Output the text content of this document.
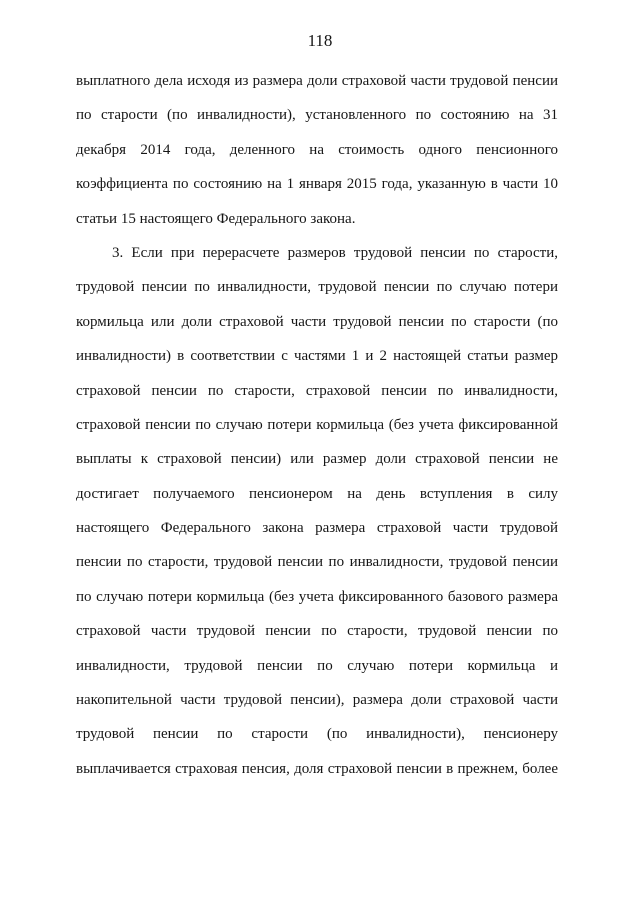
118
выплатного дела исходя из размера доли страховой части трудовой пенсии
по старости (по инвалидности), установленного по состоянию на 31
декабря 2014 года, деленного на стоимость одного пенсионного
коэффициента по состоянию на 1 января 2015 года, указанную в части 10
статьи 15 настоящего Федерального закона.
3. Если при перерасчете размеров трудовой пенсии по старости,
трудовой пенсии по инвалидности, трудовой пенсии по случаю потери
кормильца или доли страховой части трудовой пенсии по старости (по
инвалидности) в соответствии с частями 1 и 2 настоящей статьи размер
страховой пенсии по старости, страховой пенсии по инвалидности,
страховой пенсии по случаю потери кормильца (без учета фиксированной
выплаты к страховой пенсии) или размер доли страховой пенсии не
достигает получаемого пенсионером на день вступления в силу
настоящего Федерального закона размера страховой части трудовой
пенсии по старости, трудовой пенсии по инвалидности, трудовой пенсии
по случаю потери кормильца (без учета фиксированного базового размера
страховой части трудовой пенсии по старости, трудовой пенсии по
инвалидности, трудовой пенсии по случаю потери кормильца и
накопительной части трудовой пенсии), размера доли страховой части
трудовой пенсии по старости (по инвалидности), пенсионеру
выплачивается страховая пенсия, доля страховой пенсии в прежнем, более
